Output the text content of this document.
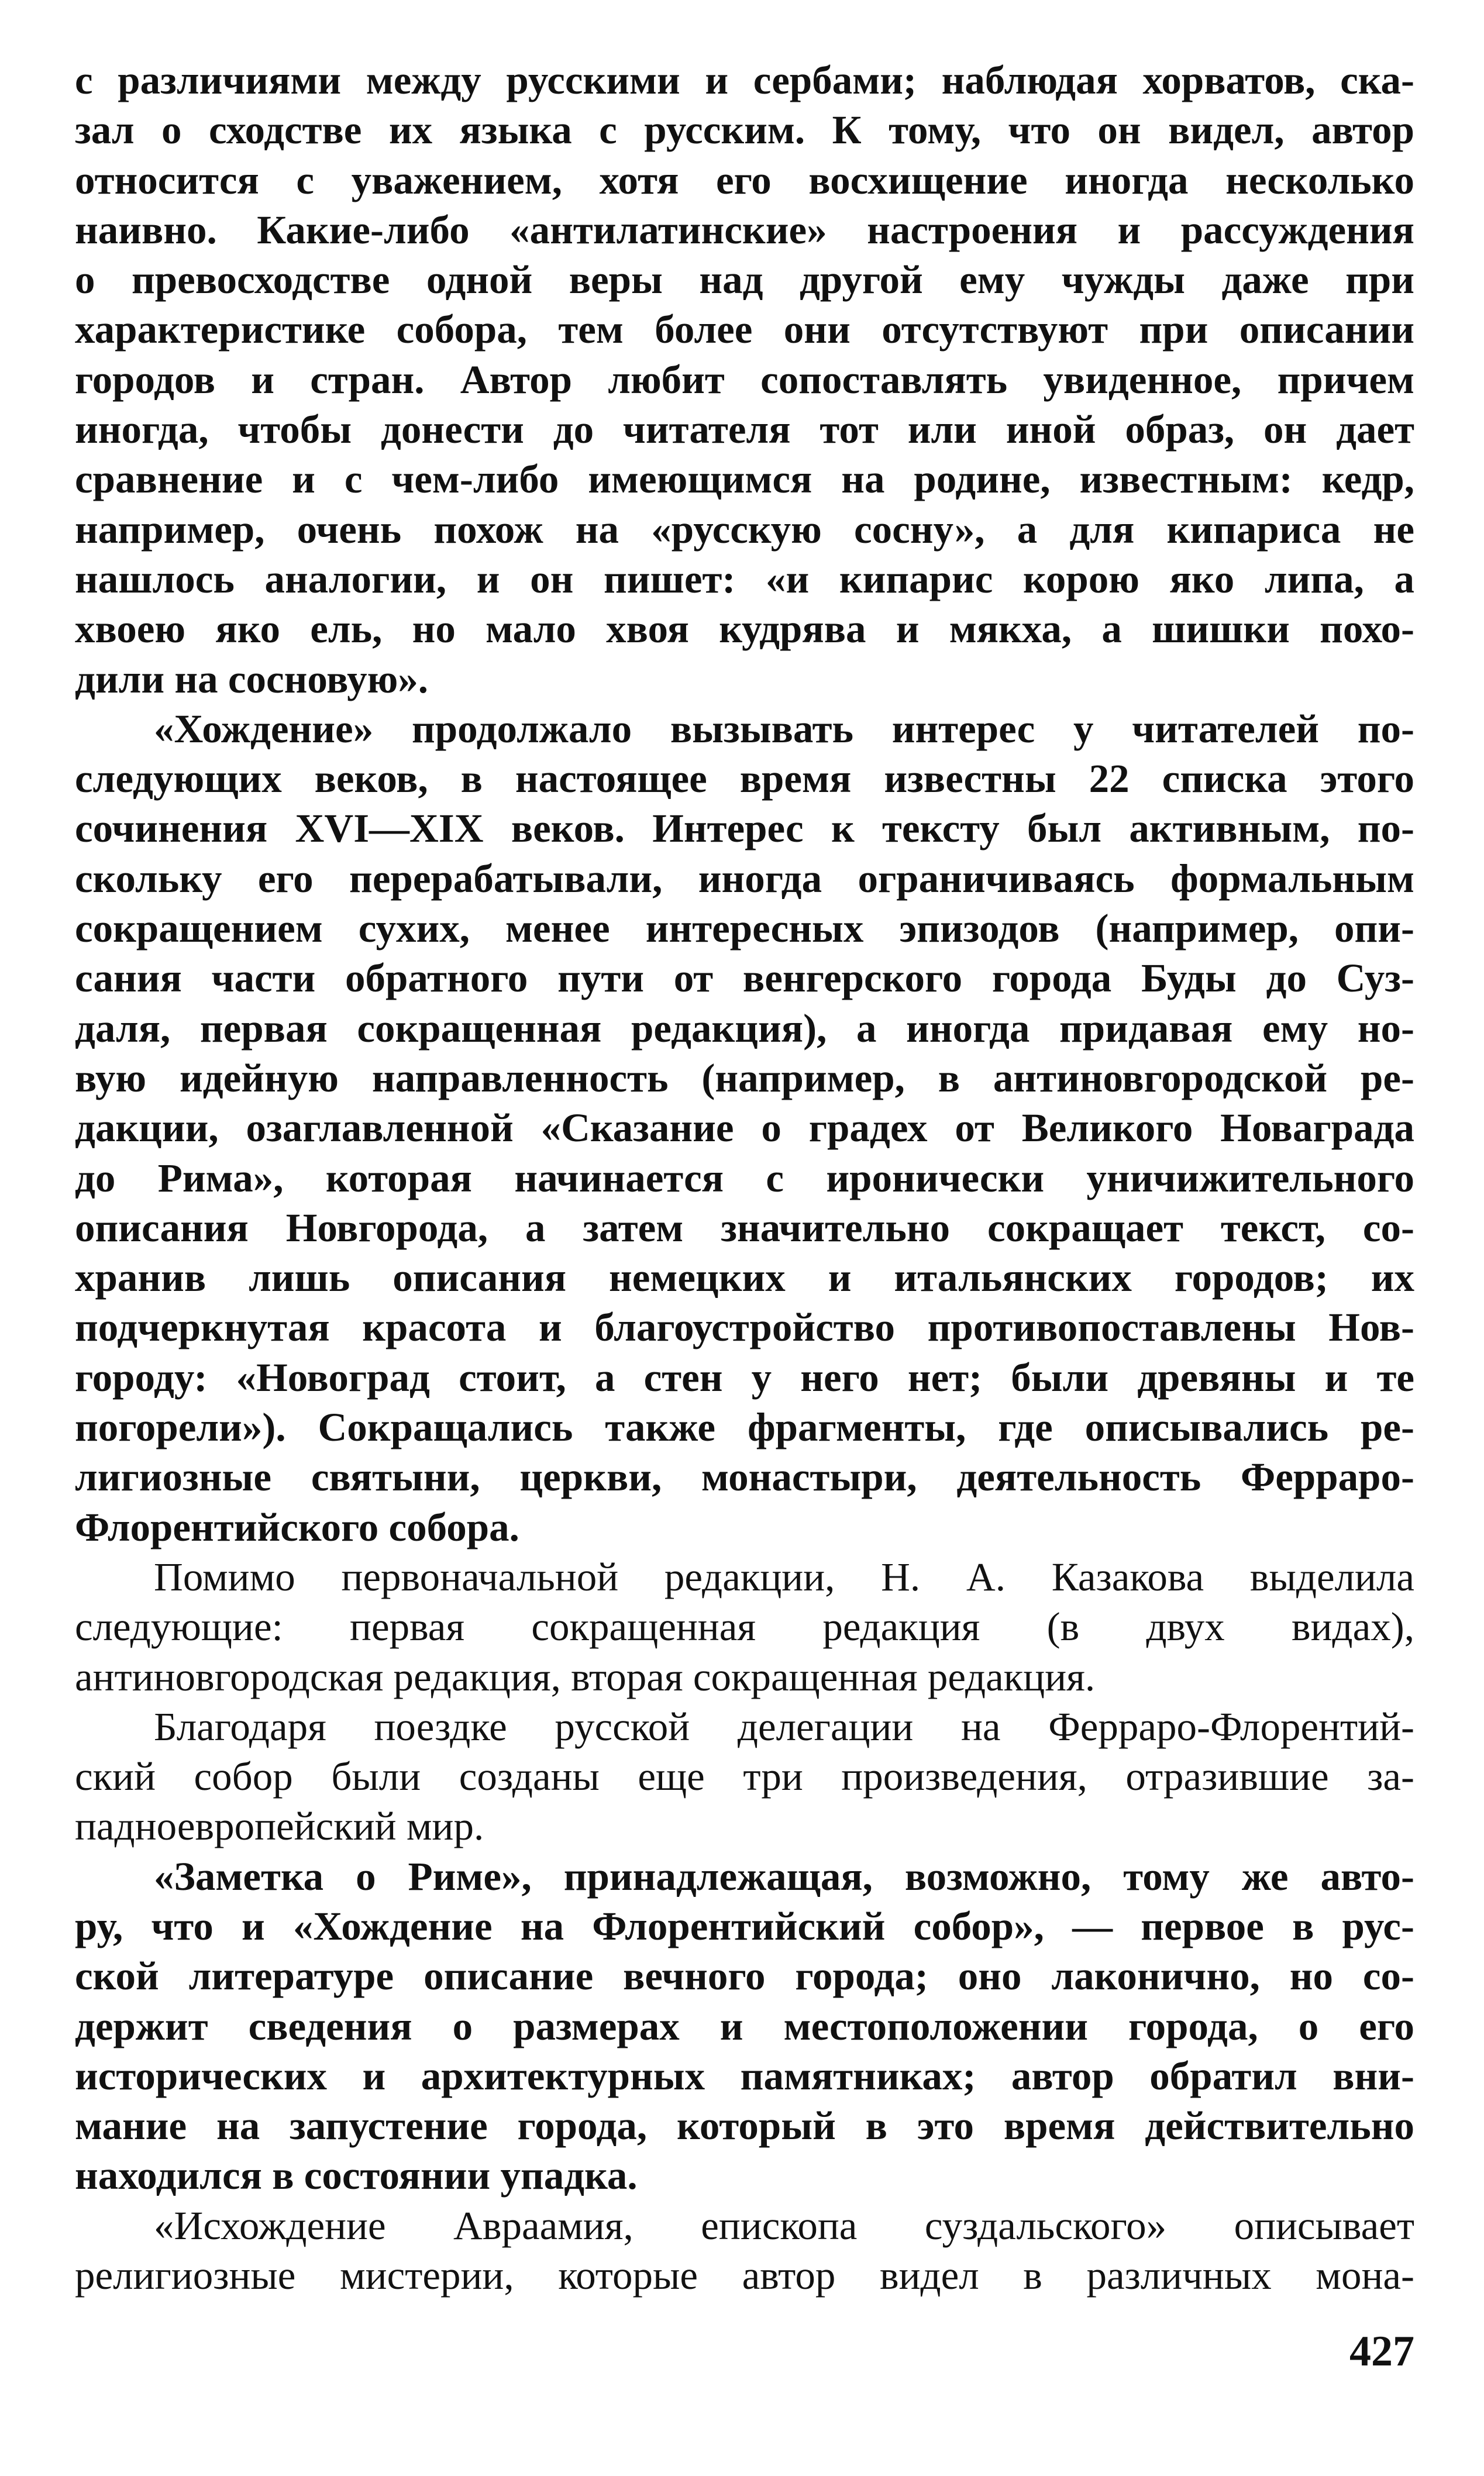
с различиями между русскими и сербами; наблюдая хорватов, ска-
зал о сходстве их языка с русским. К тому, что он видел, автор
относится с уважением, хотя его восхищение иногда несколько
наивно. Какие-либо «антилатинские» настроения и рассуждения
о превосходстве одной веры над другой ему чужды даже при
характеристике собора, тем более они отсутствуют при описании
городов и стран. Автор любит сопоставлять увиденное, причем
иногда, чтобы донести до читателя тот или иной образ, он дает
сравнение и с чем-либо имеющимся на родине, известным: кедр,
например, очень похож на «русскую сосну», а для кипариса не
нашлось аналогии, и он пишет: «и кипарис корою яко липа, а
хвоею яко ель, но мало хвоя кудрява и мякха, а шишки похо-
дили на сосновую».
«Хождение» продолжало вызывать интерес у читателей по-
следующих веков, в настоящее время известны 22 списка этого
сочинения XVI—XIX веков. Интерес к тексту был активным, по-
скольку его перерабатывали, иногда ограничиваясь формальным
сокращением сухих, менее интересных эпизодов (например, опи-
сания части обратного пути от венгерского города Буды до Суз-
даля, первая сокращенная редакция), а иногда придавая ему но-
вую идейную направленность (например, в антиновгородской ре-
дакции, озаглавленной «Сказание о градех от Великого Новаграда
до Рима», которая начинается с иронически уничижительного
описания Новгорода, а затем значительно сокращает текст, со-
хранив лишь описания немецких и итальянских городов; их
подчеркнутая красота и благоустройство противопоставлены Нов-
городу: «Новоград стоит, а стен у него нет; были древяны и те
погорели»). Сокращались также фрагменты, где описывались ре-
лигиозные святыни, церкви, монастыри, деятельность Ферраро-
Флорентийского собора.
Помимо первоначальной редакции, Н. А. Казакова выделила
следующие: первая сокращенная редакция (в двух видах),
антиновгородская редакция, вторая сокращенная редакция.
Благодаря поездке русской делегации на Ферраро-Флорентий-
ский собор были созданы еще три произведения, отразившие за-
падноевропейский мир.
«Заметка о Риме», принадлежащая, возможно, тому же авто-
ру, что и «Хождение на Флорентийский собор», — первое в рус-
ской литературе описание вечного города; оно лаконично, но со-
держит сведения о размерах и местоположении города, о его
исторических и архитектурных памятниках; автор обратил вни-
мание на запустение города, который в это время действительно
находился в состоянии упадка.
«Исхождение Авраамия, епископа суздальского» описывает
религиозные мистерии, которые автор видел в различных мона-
427
